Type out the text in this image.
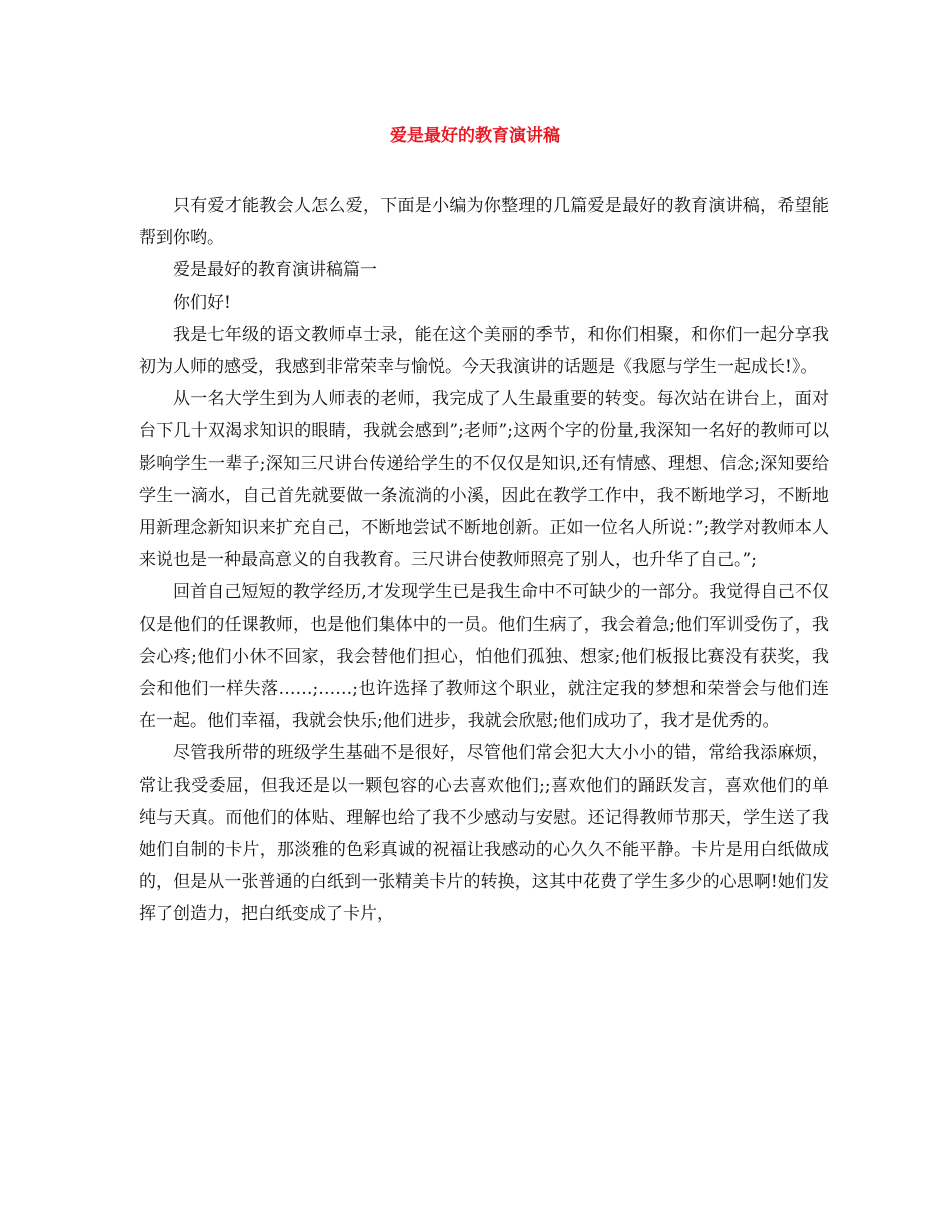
爱是最好的教育演讲稿

只有爱才能教会人怎么爱，下面是小编为你整理的几篇爱是最好的教育演讲稿，希望能帮到你哟。

爱是最好的教育演讲稿篇一

你们好!

我是七年级的语文教师卓士录，能在这个美丽的季节，和你们相聚，和你们一起分享我初为人师的感受，我感到非常荣幸与愉悦。今天我演讲的话题是《我愿与学生一起成长!》。

从一名大学生到为人师表的老师，我完成了人生最重要的转变。每次站在讲台上，面对台下几十双渴求知识的眼睛，我就会感到”;老师”;这两个字的份量,我深知一名好的教师可以影响学生一辈子;深知三尺讲台传递给学生的不仅仅是知识,还有情感、理想、信念;深知要给学生一滴水，自己首先就要做一条流淌的小溪，因此在教学工作中，我不断地学习，不断地用新理念新知识来扩充自己，不断地尝试不断地创新。正如一位名人所说：”;教学对教师本人来说也是一种最高意义的自我教育。三尺讲台使教师照亮了别人，也升华了自己。”;

回首自己短短的教学经历,才发现学生已是我生命中不可缺少的一部分。我觉得自己不仅仅是他们的任课教师，也是他们集体中的一员。他们生病了，我会着急;他们军训受伤了，我会心疼;他们小休不回家，我会替他们担心，怕他们孤独、想家;他们板报比赛没有获奖，我会和他们一样失落……;……;也许选择了教师这个职业，就注定我的梦想和荣誉会与他们连在一起。他们幸福，我就会快乐;他们进步，我就会欣慰;他们成功了，我才是优秀的。

尽管我所带的班级学生基础不是很好，尽管他们常会犯大大小小的错，常给我添麻烦，常让我受委屈，但我还是以一颗包容的心去喜欢他们;;喜欢他们的踊跃发言，喜欢他们的单纯与天真。而他们的体贴、理解也给了我不少感动与安慰。还记得教师节那天，学生送了我她们自制的卡片，那淡雅的色彩真诚的祝福让我感动的心久久不能平静。卡片是用白纸做成的，但是从一张普通的白纸到一张精美卡片的转换，这其中花费了学生多少的心思啊!她们发挥了创造力，把白纸变成了卡片，
